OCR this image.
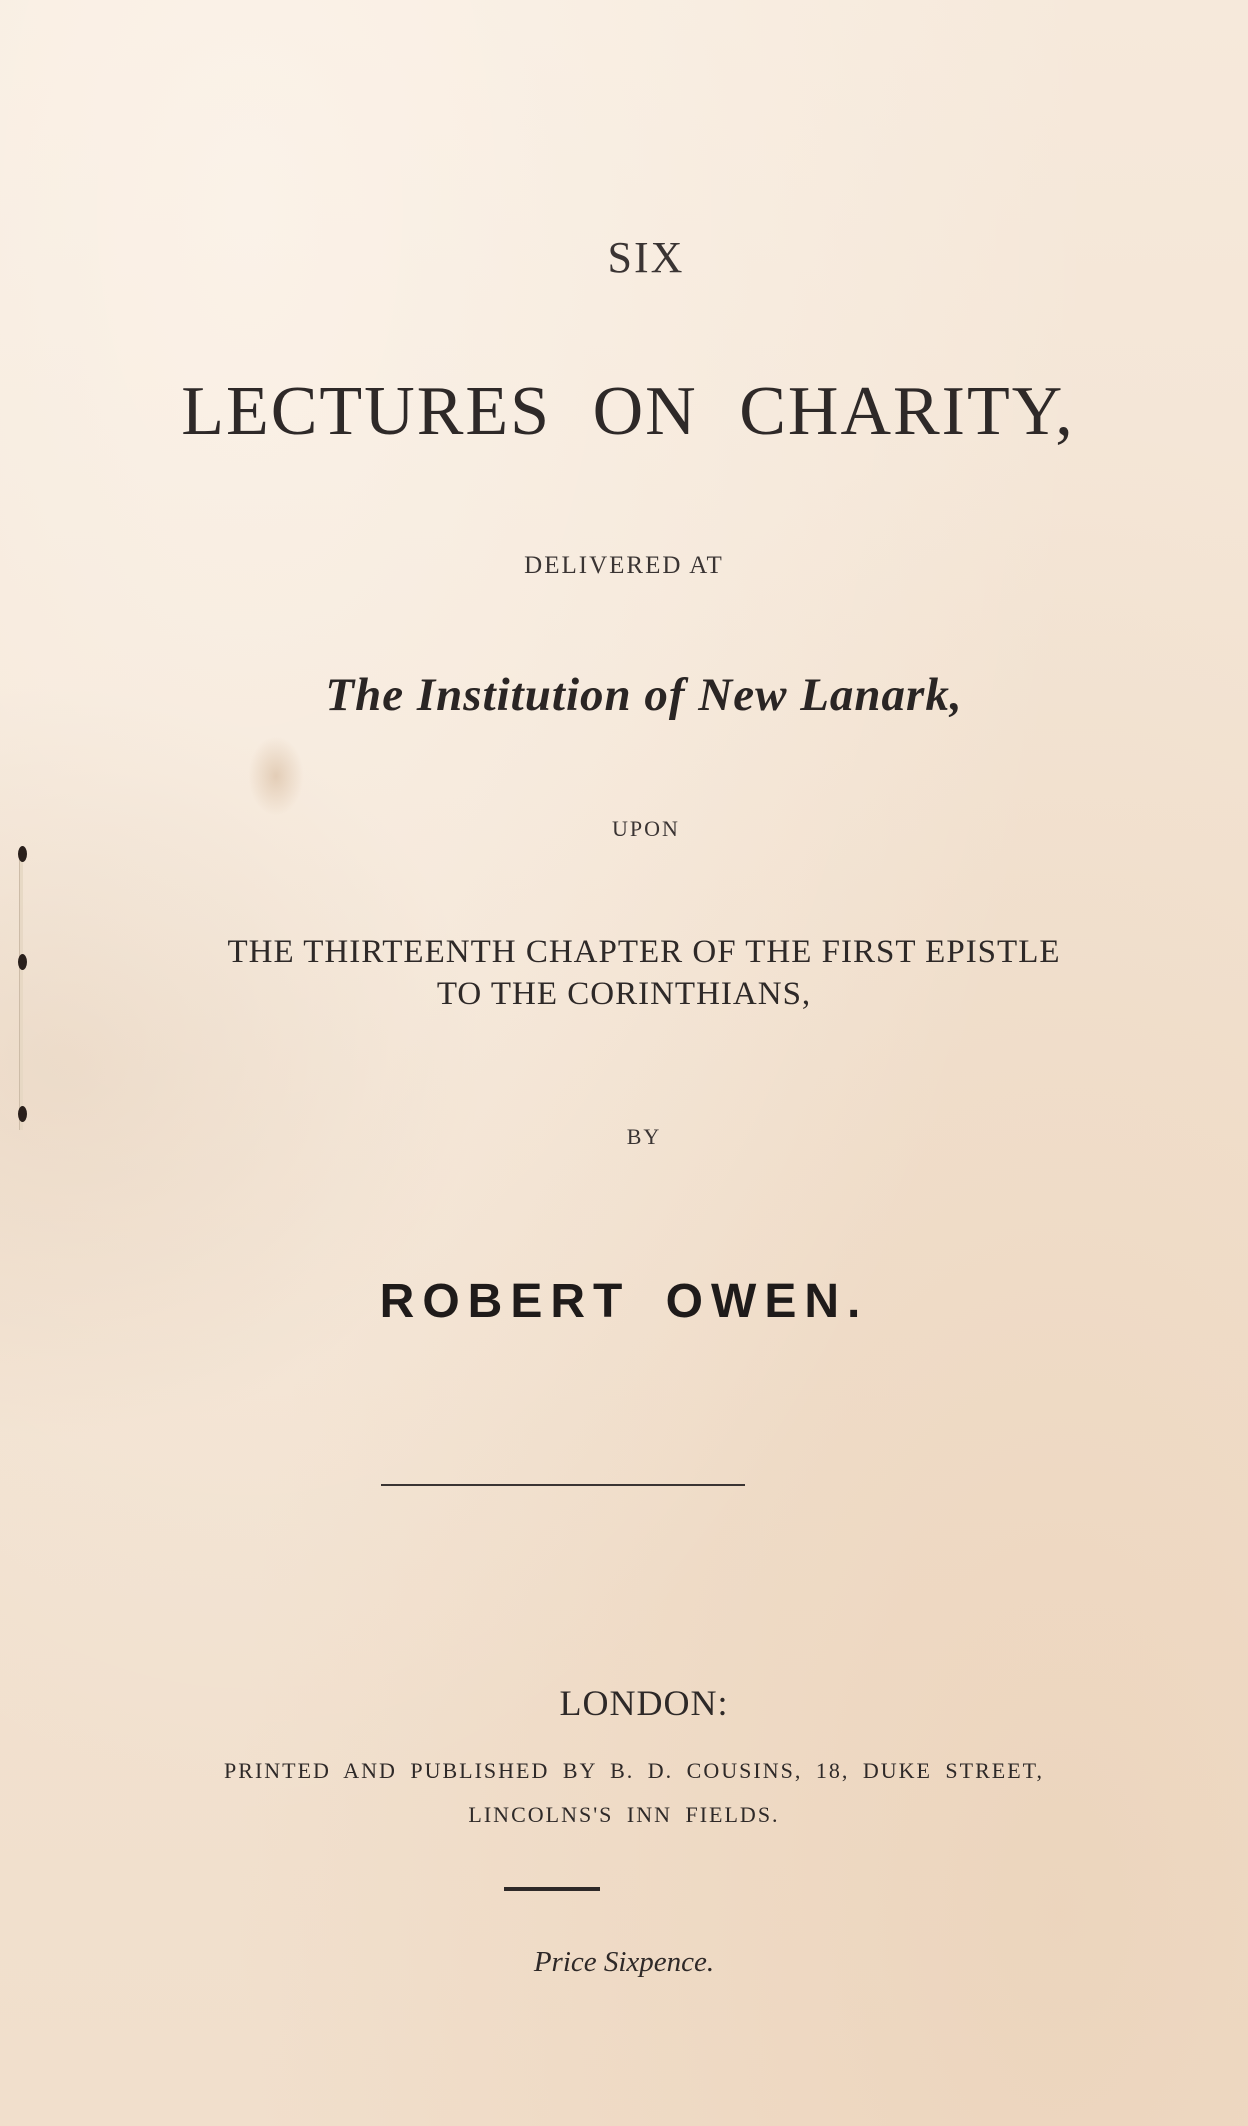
SIX
LECTURES ON CHARITY,
DELIVERED AT
The Institution of New Lanark,
UPON
THE THIRTEENTH CHAPTER OF THE FIRST EPISTLE
TO THE CORINTHIANS,
BY
ROBERT OWEN.
LONDON:
PRINTED AND PUBLISHED BY B. D. COUSINS, 18, DUKE STREET,
LINCOLNS'S INN FIELDS.
Price Sixpence.
